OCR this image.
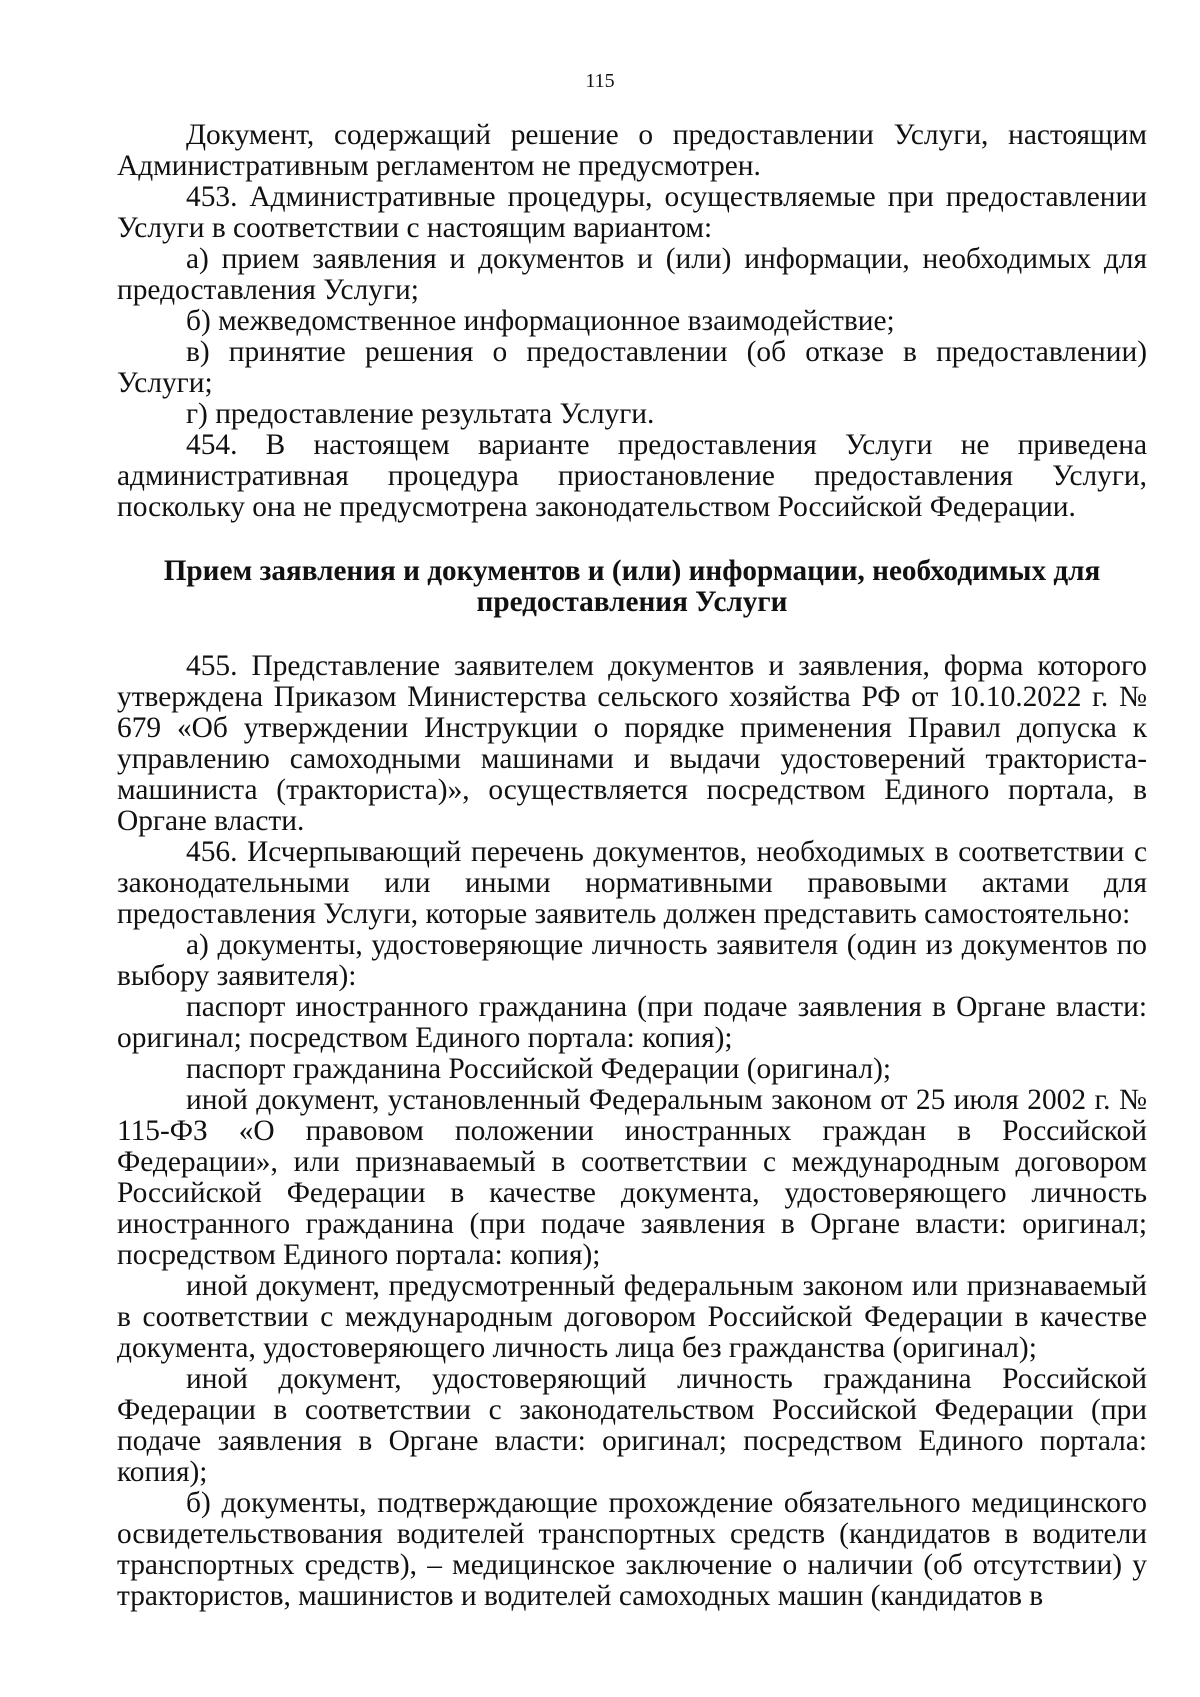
115

Документ, содержащий решение о предоставлении Услуги, настоящим Административным регламентом не предусмотрен.

453. Административные процедуры, осуществляемые при предоставлении Услуги в соответствии с настоящим вариантом:

а) прием заявления и документов и (или) информации, необходимых для предоставления Услуги;

б) межведомственное информационное взаимодействие;

в) принятие решения о предоставлении (об отказе в предоставлении) Услуги;

г) предоставление результата Услуги.

454. В настоящем варианте предоставления Услуги не приведена административная процедура приостановление предоставления Услуги, поскольку она не предусмотрена законодательством Российской Федерации.

Прием заявления и документов и (или) информации, необходимых для
предоставления Услуги

455. Представление заявителем документов и заявления, форма которого утверждена Приказом Министерства сельского хозяйства РФ от 10.10.2022 г. № 679 «Об утверждении Инструкции о порядке применения Правил допуска к управлению самоходными машинами и выдачи удостоверений тракториста-машиниста (тракториста)», осуществляется посредством Единого портала, в Органе власти.

456. Исчерпывающий перечень документов, необходимых в соответствии с законодательными или иными нормативными правовыми актами для предоставления Услуги, которые заявитель должен представить самостоятельно:

а) документы, удостоверяющие личность заявителя (один из документов по выбору заявителя):

паспорт иностранного гражданина (при подаче заявления в Органе власти: оригинал; посредством Единого портала: копия);

паспорт гражданина Российской Федерации (оригинал);

иной документ, установленный Федеральным законом от 25 июля 2002 г. № 115-ФЗ «О правовом положении иностранных граждан в Российской Федерации», или признаваемый в соответствии с международным договором Российской Федерации в качестве документа, удостоверяющего личность иностранного гражданина (при подаче заявления в Органе власти: оригинал; посредством Единого портала: копия);

иной документ, предусмотренный федеральным законом или признаваемый в соответствии с международным договором Российской Федерации в качестве документа, удостоверяющего личность лица без гражданства (оригинал);

иной документ, удостоверяющий личность гражданина Российской Федерации в соответствии с законодательством Российской Федерации (при подаче заявления в Органе власти: оригинал; посредством Единого портала: копия);

б) документы, подтверждающие прохождение обязательного медицинского освидетельствования водителей транспортных средств (кандидатов в водители транспортных средств), – медицинское заключение о наличии (об отсутствии) у трактористов, машинистов и водителей самоходных машин (кандидатов в
